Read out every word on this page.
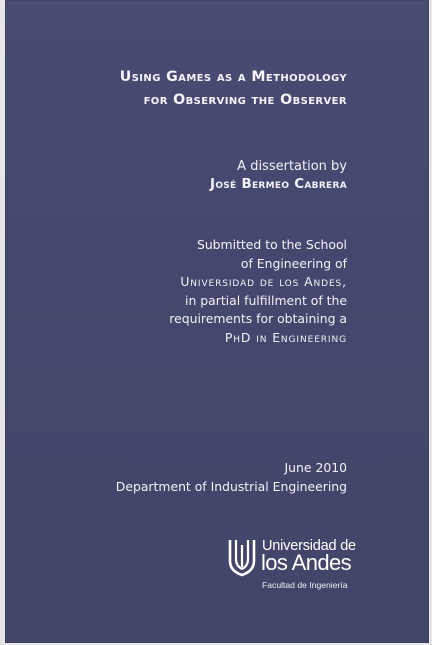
Using Games as a Methodology
for Observing the Observer
A dissertation by
José Bermeo Cabrera
Submitted to the School
of Engineering of
Universidad de los Andes,
in partial fulfillment of the
requirements for obtaining a
PhD in Engineering
June 2010
Department of Industrial Engineering
Universidad de
los Andes
Facultad de Ingeniería
